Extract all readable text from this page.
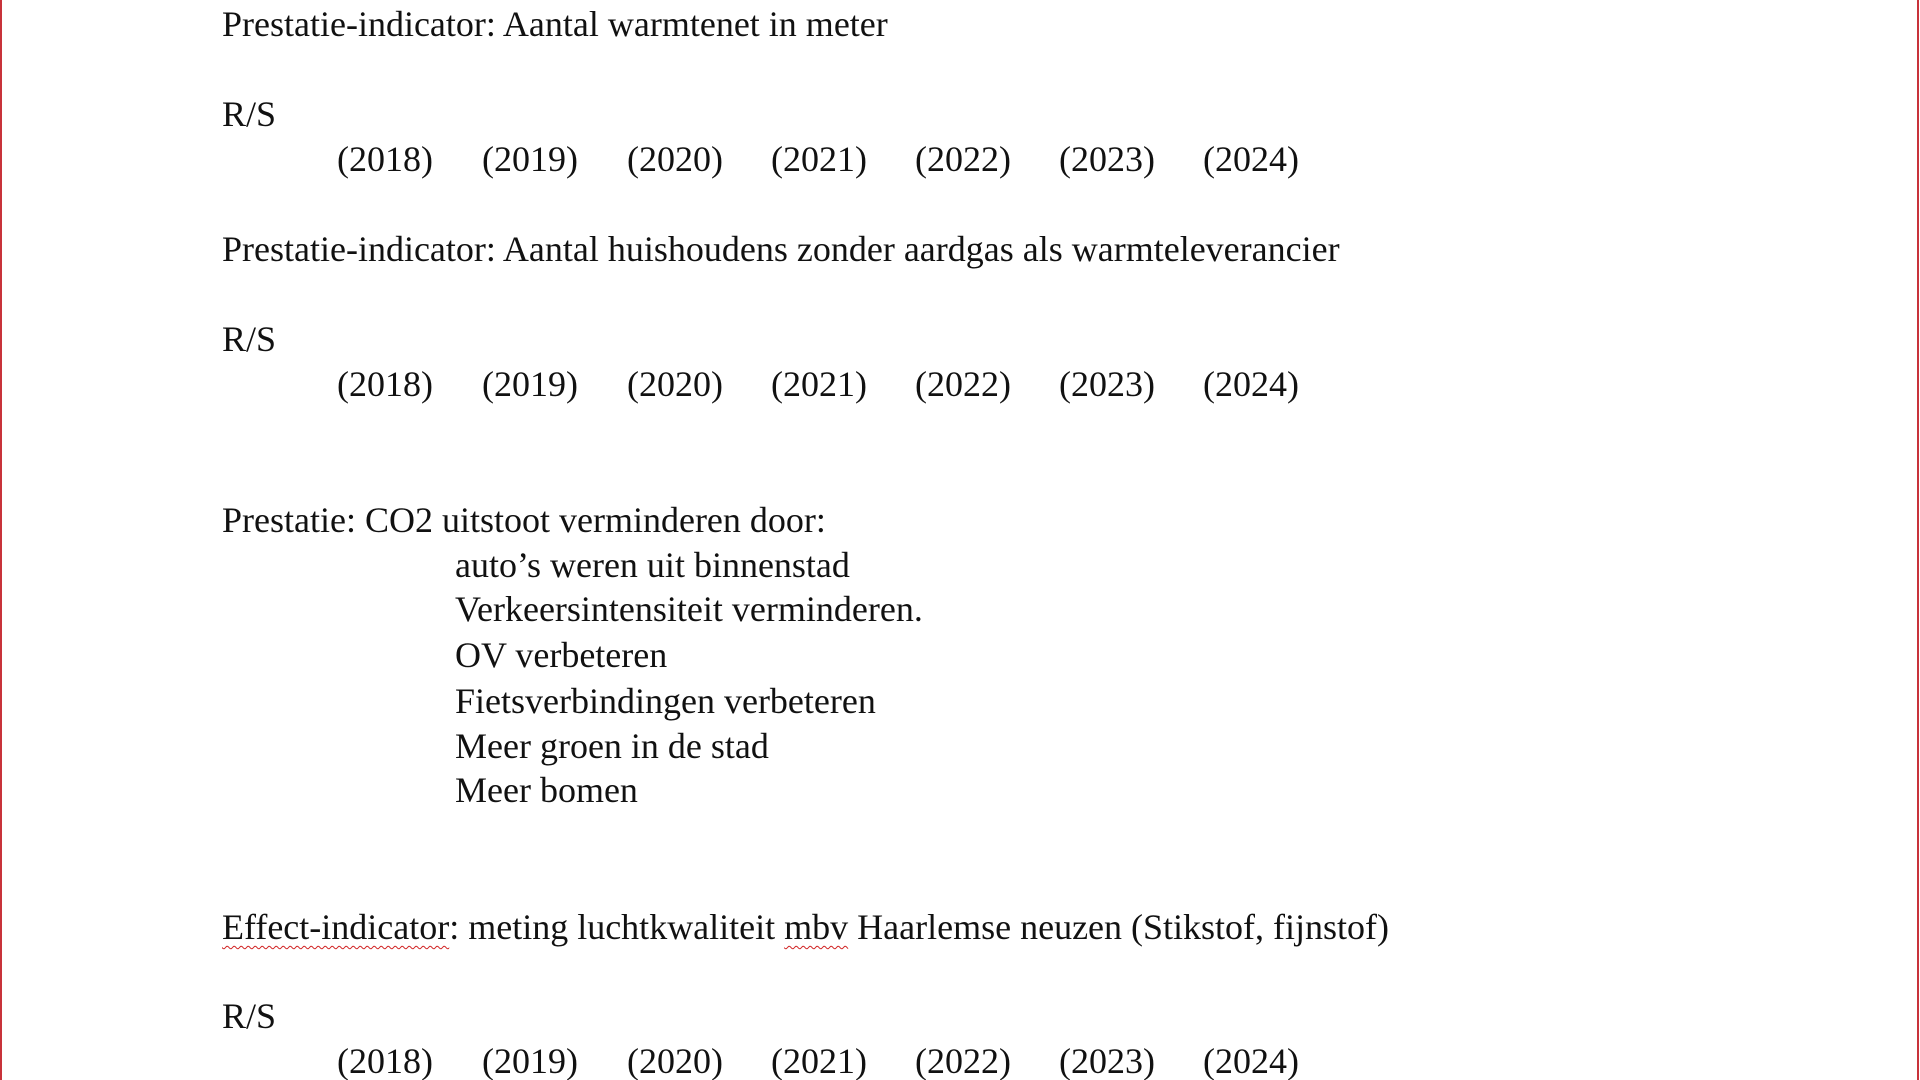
Prestatie-indicator: Aantal warmtenet in meter
R/S
(2018) (2019) (2020) (2021) (2022) (2023) (2024)
Prestatie-indicator: Aantal huishoudens zonder aardgas als warmteleverancier
R/S
(2018) (2019) (2020) (2021) (2022) (2023) (2024)
Prestatie: CO2 uitstoot verminderen door:
auto’s weren uit binnenstad
Verkeersintensiteit verminderen.
OV verbeteren
Fietsverbindingen verbeteren
Meer groen in de stad
Meer bomen
Effect-indicator: meting luchtkwaliteit mbv Haarlemse neuzen (Stikstof, fijnstof)
R/S
(2018) (2019) (2020) (2021) (2022) (2023) (2024)
